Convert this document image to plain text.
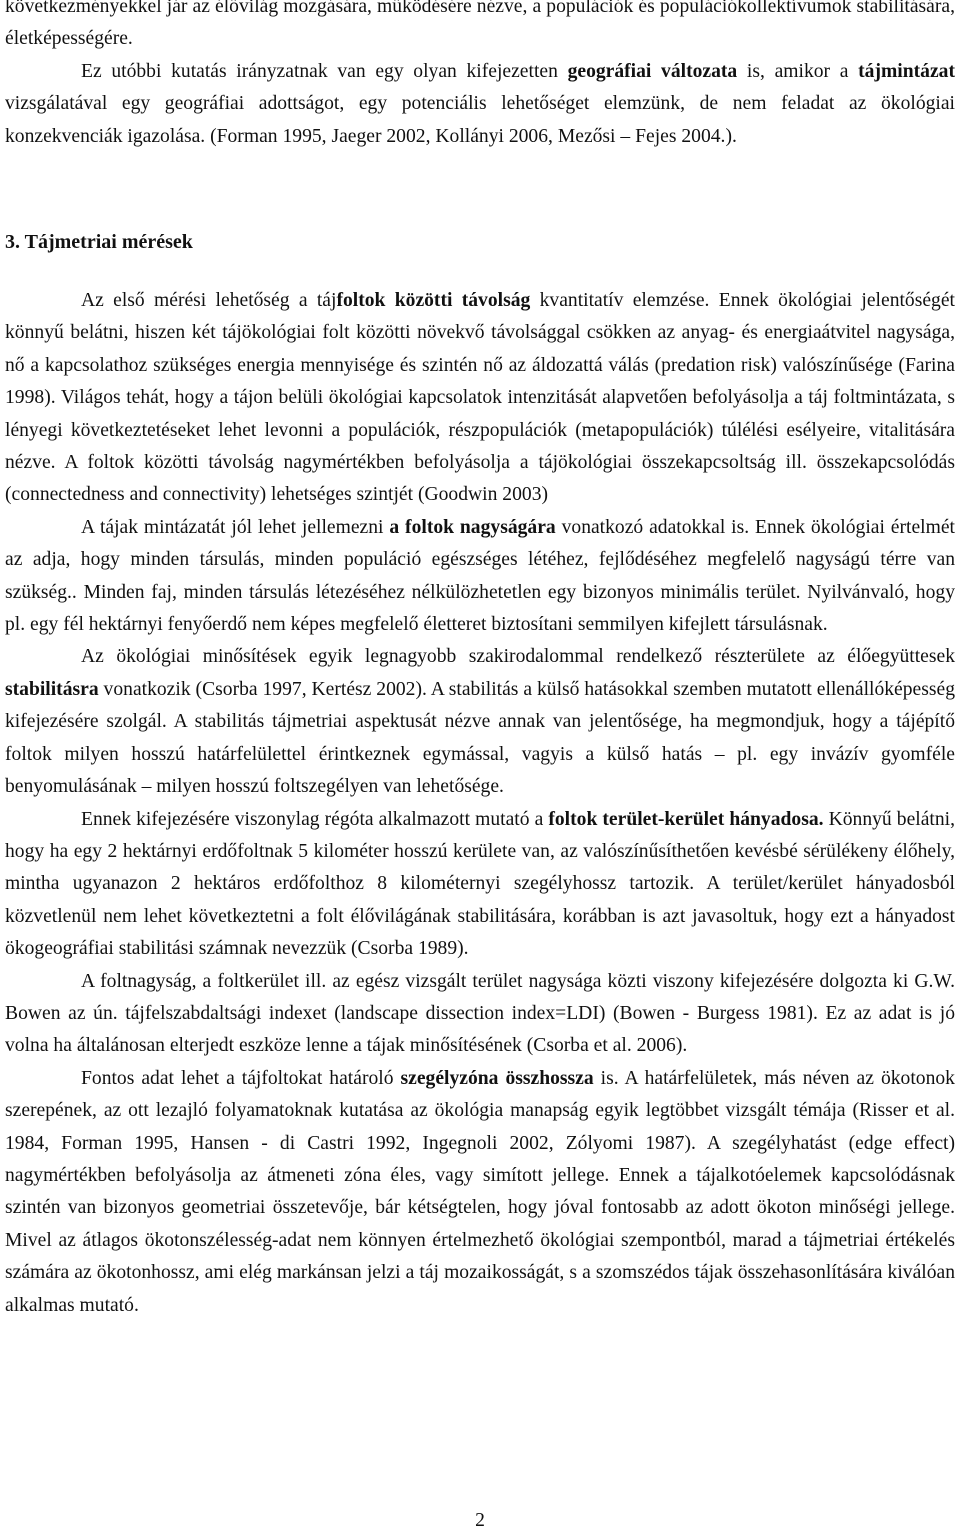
következményekkel jár az élővilág mozgására, működésére nézve, a populációk és populációkollektívumok stabilitására, életképességére.

Ez utóbbi kutatás irányzatnak van egy olyan kifejezetten geográfiai változata is, amikor a tájmintázat vizsgálatával egy geográfiai adottságot, egy potenciális lehetőséget elemzünk, de nem feladat az ökológiai konzekvenciák igazolása. (Forman 1995, Jaeger 2002, Kollányi 2006, Mezősi – Fejes 2004.).

3. Tájmetriai mérések

Az első mérési lehetőség a tájfoltok közötti távolság kvantitatív elemzése. Ennek ökológiai jelentőségét könnyű belátni, hiszen két tájökológiai folt közötti növekvő távolsággal csökken az anyag- és energiaátvitel nagysága, nő a kapcsolathoz szükséges energia mennyisége és szintén nő az áldozattá válás (predation risk) valószínűsége (Farina 1998). Világos tehát, hogy a tájon belüli ökológiai kapcsolatok intenzitását alapvetően befolyásolja a táj foltmintázata, s lényegi következtetéseket lehet levonni a populációk, részpopulációk (metapopulációk) túlélési esélyeire, vitalitására nézve. A foltok közötti távolság nagymértékben befolyásolja a tájökológiai összekapcsoltság ill. összekapcsolódás (connectedness and connectivity) lehetséges szintjét (Goodwin 2003)

A tájak mintázatát jól lehet jellemezni a foltok nagyságára vonatkozó adatokkal is. Ennek ökológiai értelmét az adja, hogy minden társulás, minden populáció egészséges létéhez, fejlődéséhez megfelelő nagyságú térre van szükség.. Minden faj, minden társulás létezéséhez nélkülözhetetlen egy bizonyos minimális terület. Nyilvánvaló, hogy pl. egy fél hektárnyi fenyőerdő nem képes megfelelő életteret biztosítani semmilyen kifejlett társulásnak.

Az ökológiai minősítések egyik legnagyobb szakirodalommal rendelkező részterülete az élőegyüttesek stabilitásra vonatkozik (Csorba 1997, Kertész 2002). A stabilitás a külső hatásokkal szemben mutatott ellenállóképesség kifejezésére szolgál. A stabilitás tájmetriai aspektusát nézve annak van jelentősége, ha megmondjuk, hogy a tájépítő foltok milyen hosszú határfelülettel érintkeznek egymással, vagyis a külső hatás – pl. egy invázív gyomféle benyomulásának – milyen hosszú foltszegélyen van lehetősége.

Ennek kifejezésére viszonylag régóta alkalmazott mutató a foltok terület-kerület hányadosa. Könnyű belátni, hogy ha egy 2 hektárnyi erdőfoltnak 5 kilométer hosszú kerülete van, az valószínűsíthetően kevésbé sérülékeny élőhely, mintha ugyanazon 2 hektáros erdőfolthoz 8 kilométernyi szegélyhossz tartozik. A terület/kerület hányadosból közvetlenül nem lehet következtetni a folt élővilágának stabilitására, korábban is azt javasoltuk, hogy ezt a hányadost ökogeográfiai stabilitási számnak nevezzük (Csorba 1989).

A foltnagyság, a foltkerület ill. az egész vizsgált terület nagysága közti viszony kifejezésére dolgozta ki G.W. Bowen az ún. tájfelszabdaltsági indexet (landscape dissection index=LDI) (Bowen - Burgess 1981). Ez az adat is jó volna ha általánosan elterjedt eszköze lenne a tájak minősítésének (Csorba et al. 2006).

Fontos adat lehet a tájfoltokat határoló szegélyzóna összhossza is. A határfelületek, más néven az ökotonok szerepének, az ott lezajló folyamatoknak kutatása az ökológia manapság egyik legtöbbet vizsgált témája (Risser et al. 1984, Forman 1995, Hansen - di Castri 1992, Ingegnoli 2002, Zólyomi 1987). A szegélyhatást (edge effect) nagymértékben befolyásolja az átmeneti zóna éles, vagy simított jellege. Ennek a tájalkotóelemek kapcsolódásnak szintén van bizonyos geometriai összetevője, bár kétségtelen, hogy jóval fontosabb az adott ökoton minőségi jellege. Mivel az átlagos ökotonszélesség-adat nem könnyen értelmezhető ökológiai szempontból, marad a tájmetriai értékelés számára az ökotonhossz, ami elég markánsan jelzi a táj mozaikosságát, s a szomszédos tájak összehasonlítására kiválóan alkalmas mutató.

2
